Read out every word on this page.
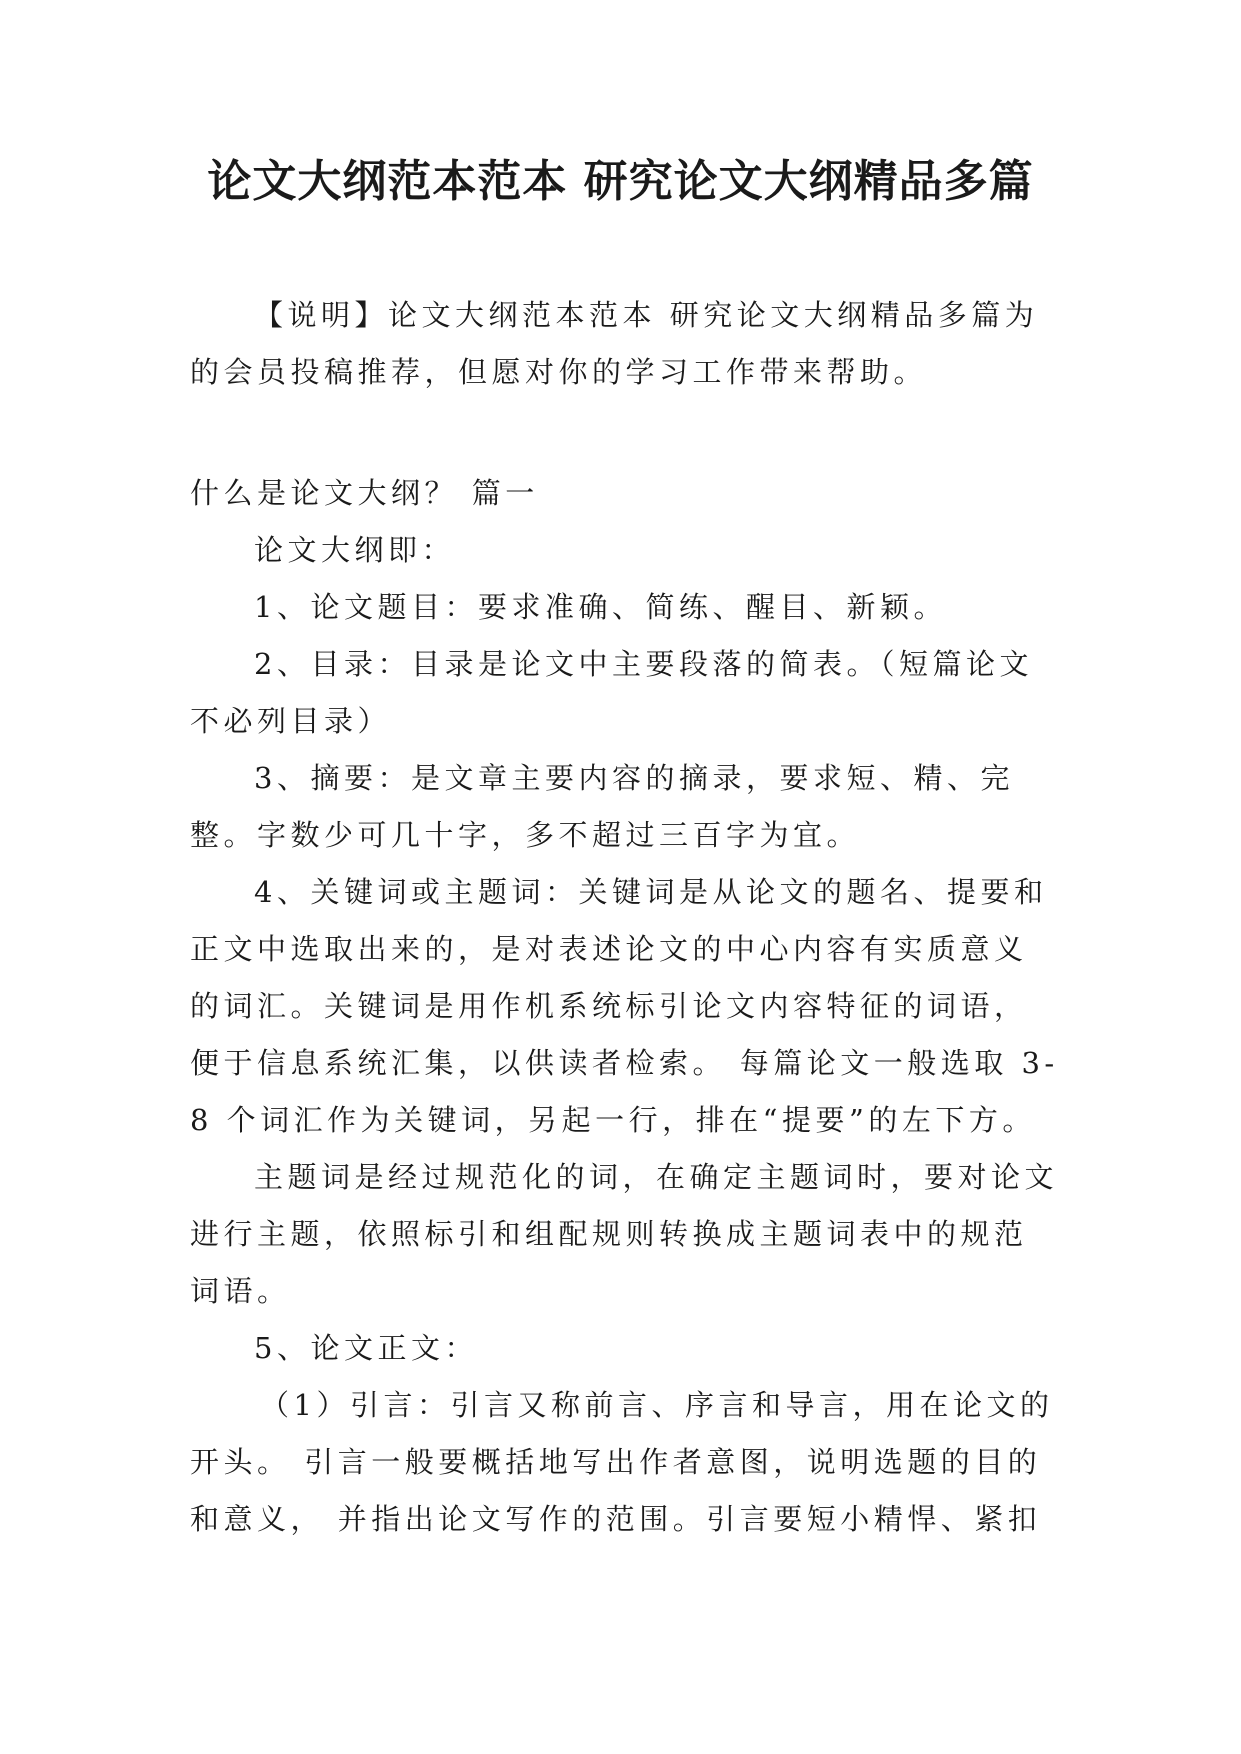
论文大纲范本范本 研究论文大纲精品多篇

【说明】论文大纲范本范本 研究论文大纲精品多篇为的会员投稿推荐，但愿对你的学习工作带来帮助。

什么是论文大纲？ 篇一

论文大纲即：

1、论文题目：要求准确、简练、醒目、新颖。

2、目录：目录是论文中主要段落的简表。（短篇论文不必列目录）

3、摘要：是文章主要内容的摘录，要求短、精、完整。字数少可几十字，多不超过三百字为宜。

4、关键词或主题词：关键词是从论文的题名、提要和正文中选取出来的，是对表述论文的中心内容有实质意义的词汇。关键词是用作机系统标引论文内容特征的词语，便于信息系统汇集，以供读者检索。 每篇论文一般选取 3-8 个词汇作为关键词，另起一行，排在“提要”的左下方。

主题词是经过规范化的词，在确定主题词时，要对论文进行主题，依照标引和组配规则转换成主题词表中的规范词语。

5、论文正文：

（1）引言：引言又称前言、序言和导言，用在论文的开头。 引言一般要概括地写出作者意图，说明选题的目的和意义， 并指出论文写作的范围。引言要短小精悍、紧扣
